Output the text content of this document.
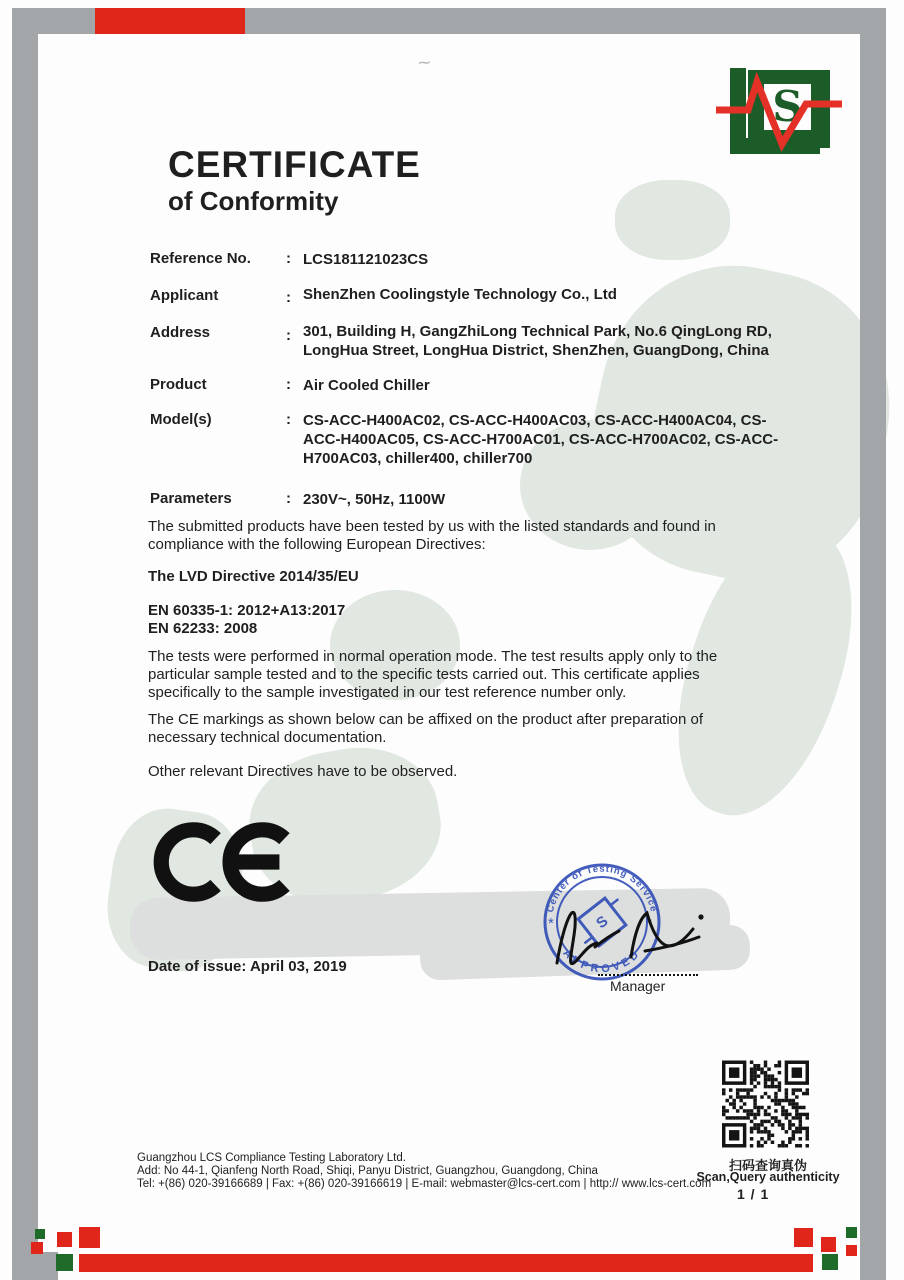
~
S
CERTIFICATE
of Conformity
Reference No.	: LCS181121023CS
Applicant	: ShenZhen Coolingstyle Technology Co., Ltd
Address	: 301, Building H, GangZhiLong Technical Park, No.6 QingLong RD, LongHua Street, LongHua District, ShenZhen, GuangDong, China
Product	: Air Cooled Chiller
Model(s)	: CS-ACC-H400AC02, CS-ACC-H400AC03, CS-ACC-H400AC04, CS-ACC-H400AC05, CS-ACC-H700AC01, CS-ACC-H700AC02, CS-ACC-H700AC03, chiller400, chiller700
Parameters	: 230V~, 50Hz, 1100W
The submitted products have been tested by us with the listed standards and found in compliance with the following European Directives:
The LVD Directive 2014/35/EU
EN 60335-1: 2012+A13:2017
EN 62233: 2008
The tests were performed in normal operation mode. The test results apply only to the particular sample tested and to the specific tests carried out. This certificate applies specifically to the sample investigated in our test reference number only.
The CE markings as shown below can be affixed on the product after preparation of necessary technical documentation.
Other relevant Directives have to be observed.
Date of issue: April 03, 2019
Center of Testing Service
APPROVED
*	*
S
Manager
扫码查询真伪
Scan,Query authenticity
1 / 1
Guangzhou LCS Compliance Testing Laboratory Ltd.
Add: No 44-1, Qianfeng North Road, Shiqi, Panyu District, Guangzhou, Guangdong, China
Tel: +(86) 020-39166689 | Fax: +(86) 020-39166619 | E-mail: webmaster@lcs-cert.com | http:// www.lcs-cert.com
